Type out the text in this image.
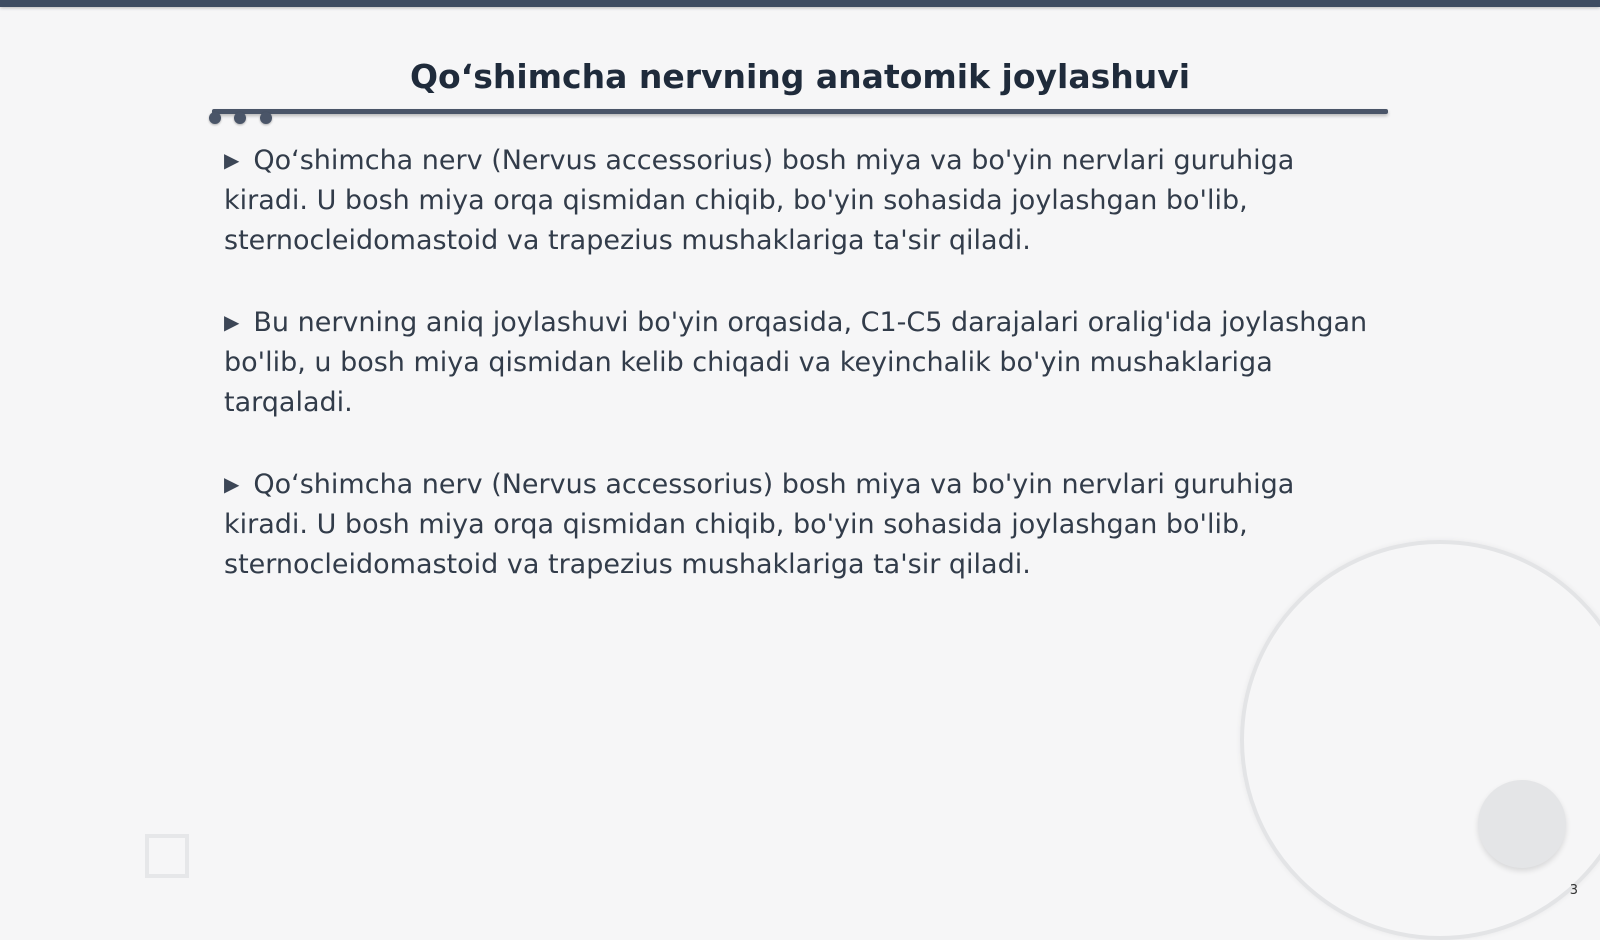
Qoʻshimcha nervning anatomik joylashuvi

▶ Qoʻshimcha nerv (Nervus accessorius) bosh miya va bo'yin nervlari guruhiga kiradi. U bosh miya orqa qismidan chiqib, bo'yin sohasida joylashgan bo'lib, sternocleidomastoid va trapezius mushaklariga ta'sir qiladi.

▶ Bu nervning aniq joylashuvi bo'yin orqasida, C1-C5 darajalari oralig'ida joylashgan bo'lib, u bosh miya qismidan kelib chiqadi va keyinchalik bo'yin mushaklariga tarqaladi.

▶ Qoʻshimcha nerv (Nervus accessorius) bosh miya va bo'yin nervlari guruhiga kiradi. U bosh miya orqa qismidan chiqib, bo'yin sohasida joylashgan bo'lib, sternocleidomastoid va trapezius mushaklariga ta'sir qiladi.

3
